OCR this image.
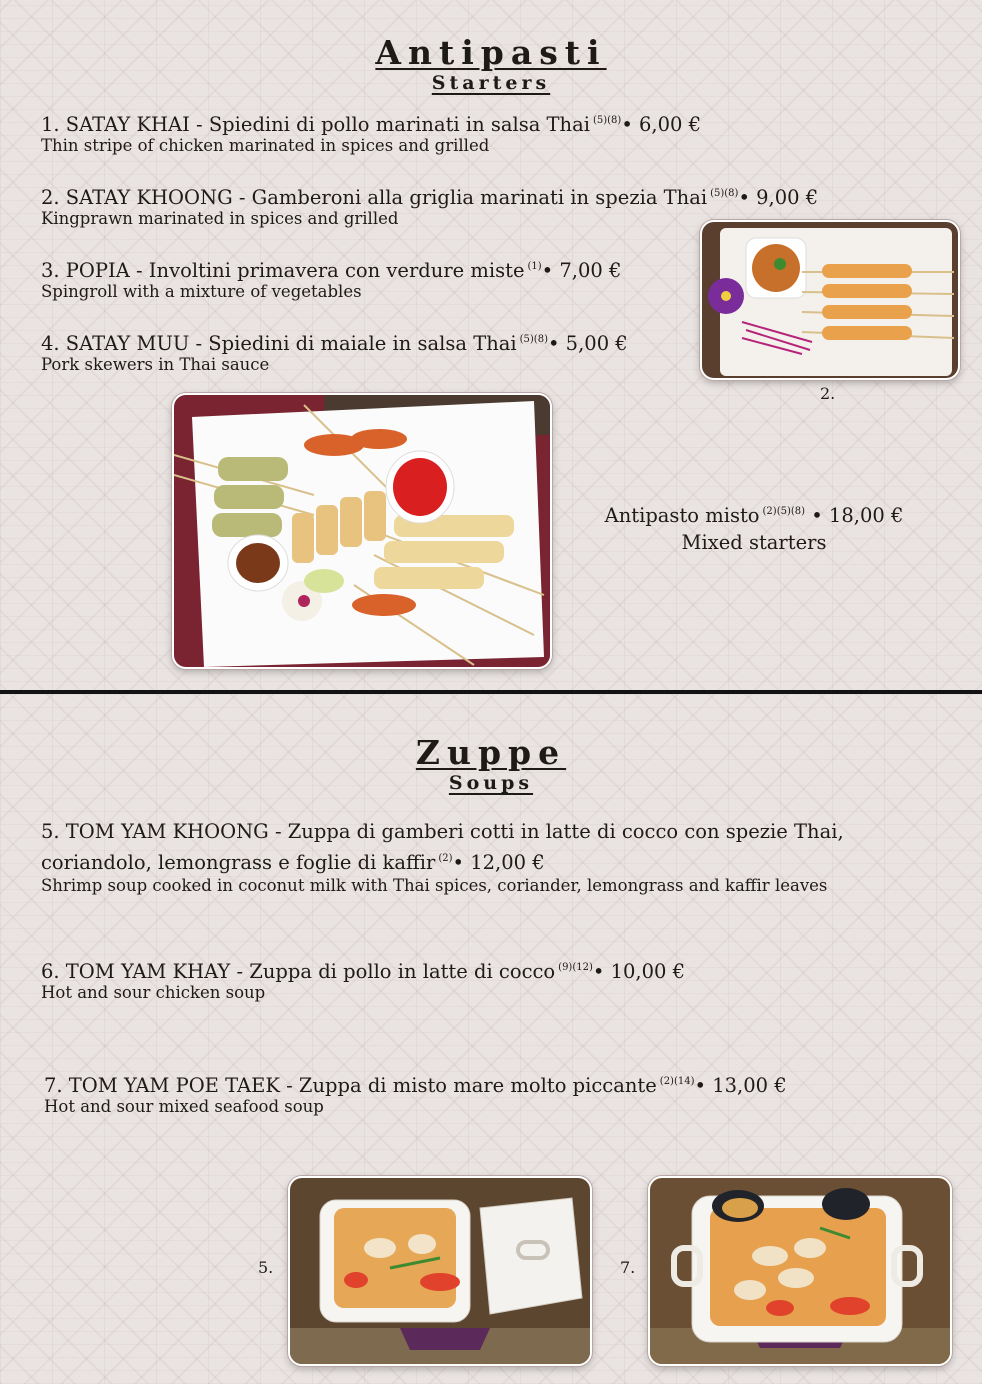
Antipasti
Starters
1. SATAY KHAI - Spiedini di pollo marinati in salsa Thai $^{(5)(8)}$• 6,00 €
Thin stripe of chicken marinated in spices and grilled
2. SATAY KHOONG - Gamberoni alla griglia marinati in spezia Thai $^{(5)(8)}$• 9,00 €
Kingprawn marinated in spices and grilled
3. POPIA - Involtini primavera con verdure miste $^{(1)}$• 7,00 €
Spingroll with a mixture of vegetables
4. SATAY MUU - Spiedini di maiale in salsa Thai $^{(5)(8)}$• 5,00 €
Pork skewers in Thai sauce
2.
Antipasto misto $^{(2)(5)(8)}$ • 18,00 €
Mixed starters
Zuppe
Soups
5. TOM YAM KHOONG - Zuppa di gamberi cotti in latte di cocco con spezie Thai, coriandolo, lemongrass e foglie di kaffir $^{(2)}$• 12,00 €
Shrimp soup cooked in coconut milk with Thai spices, coriander, lemongrass and kaffir leaves
6. TOM YAM KHAY - Zuppa di pollo in latte di cocco $^{(9)(12)}$• 10,00 €
Hot and sour chicken soup
7. TOM YAM POE TAEK - Zuppa di misto mare molto piccante $^{(2)(14)}$• 13,00 €
Hot and sour mixed seafood soup
5.	7.
